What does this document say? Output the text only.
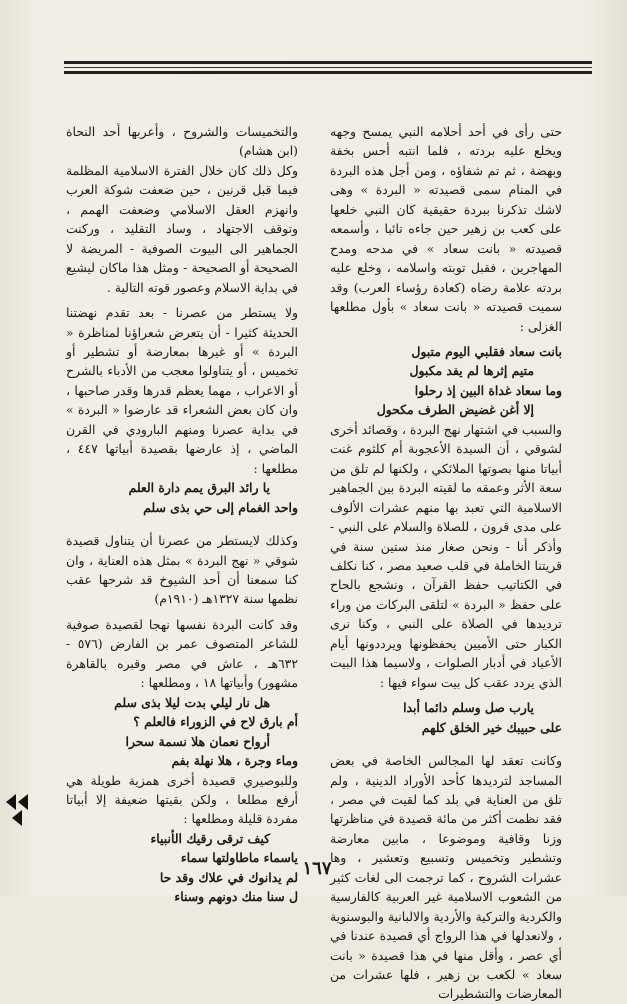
حتى رأى في أحد أحلامه النبي يمسح وجهه ويخلع عليه بردته ، فلما انتبه أحس بخفة وبهضة ، ثم تم شفاؤه ، ومن أجل هذه البردة في المنام سمى قصيدته « البردة » وهى لاشك تذكرنا ببردة حقيقية كان النبي خلعها على كعب بن زهير حين جاءه تائبا ، وأسمعه قصيدته « بانت سعاد » في مدحه ومدح المهاجرين ، فقبل توبته واسلامه ، وخلع عليه بردته علامة رضاه (كعادة رؤساء العرب) وقد سميت قصيدته « بانت سعاد » بأول مطلعها الغزلى :

بانت سعاد فقلبي اليوم متبول
متيم إثرها لم يفد مكبول
وما سعاد غداة البين إذ رحلوا
إلا أغن غضيض الطرف مكحول

والسبب في اشتهار نهج البردة ، وقصائد أخرى لشوقي ، أن السيدة الأعجوبة أم كلثوم غنت أبياتا منها بصوتها الملائكي ، ولكنها لم تلق من سعة الأثر وعمقه ما لقيته البردة بين الجماهير الاسلامية التي تعبد بها منهم عشرات الألوف على مدى قرون ، للصلاة والسلام على النبي - وأذكر أنا - ونحن صغار منذ ستين سنة في قريتنا الخاملة في قلب صعيد مصر ، كنا نكلف في الكتاتيب حفظ القرآن ، ونشجع بالحاح على حفظ « البردة » لتلقى البركات من وراء ترديدها في الصلاة على النبي ، وكنا نرى الكبار حتى الأميين يحفظونها ويرددونها أيام الأعياد في أدبار الصلوات ، ولاسيما هذا البيت الذي يردد عقب كل بيت سواء فيها :

يارب صل وسلم دائما أبدا
على حبيبك خير الخلق كلهم

وكانت تعقد لها المجالس الخاصة في بعض المساجد لترديدها كأحد الأوراد الدينية ، ولم تلق من العناية في بلد كما لقيت في مصر ، فقد نظمت أكثر من مائة قصيدة في مناظرتها وزنا وقافية وموضوعا ، مابين معارضة وتشطير وتخميس وتسبيع وتعشير ، وها عشرات الشروح ، كما ترجمت الى لغات كثير من الشعوب الاسلامية غير العربية كالفارسية والكردية والتركية والأردية والالبانية والبوسنوية ، ولانعدلها في هذا الرواج أي قصيدة عندنا في أي عصر ، وأقل منها في هذا قصيدة « بانت سعاد » لكعب بن زهير ، فلها عشرات من المعارضات والتشطيرات

والتخميسات والشروح ، وأعربها أحد النحاة (ابن هشام)

وكل ذلك كان خلال الفترة الاسلامية المظلمة فيما قبل قرنين ، حين ضعفت شوكة العرب وانهزم العقل الاسلامي وضعفت الهمم ، وتوقف الاجتهاد ، وساد التقليد ، وركنت الجماهير الى البيوت الصوفية - المريضة لا الصحيحة أو الصحيحة - ومثل هذا ماكان ليشيع في بداية الاسلام وعصور قوته التالية .

ولا يستطر من عصرنا - بعد تقدم نهضتنا الحديثة كثيرا - أن يتعرض شعراؤنا لمناظرة « البردة » أو غيرها بمعارضة أو تشطير أو تخميس ، أو يتناولوا معجب من الأدباء بالشرح أو الاعراب ، مهما يعظم قدرها وقدر صاحبها ، وان كان بعض الشعراء قد عارضوا « البردة » في بداية عصرنا ومنهم البارودي في القرن الماضي ، إذ عارضها بقصيدة أبياتها ٤٤٧ ، مطلعها :

يا رائد البرق يمم دارة العلم
واحد الغمام إلى حي بذى سلم

وكذلك لايستطر من عصرنا أن يتناول قصيدة شوقي « نهج البردة » بمثل هذه العناية ، وان كنا سمعنا أن أحد الشيوخ قد شرحها عقب نظمها سنة ١٣٢٧هـ (١٩١٠م)

وقد كانت البردة نفسها نهجا لقصيدة صوفية للشاعر المتصوف عمر بن الفارض (٥٧٦ - ٦٣٢هـ ، عاش في مصر وقبره بالقاهرة مشهور) وأبياتها ١٨ ، ومطلعها :

هل نار ليلي بدت ليلا بذى سلم
أم بارق لاح في الزوراء فالعلم ؟
أرواح نعمان هلا نسمة سحرا
وماء وجرة ، هلا نهلة بفم

وللبوصيري قصيدة أخرى همزية طويلة هي أرفع مطلعا ، ولكن بقيتها ضعيفة إلا أبياتا مفردة قليلة ومطلعها :

كيف ترقى رقيك الأنبياء
ياسماء ماطاولتها سماء
لم يدانوك في علاك وقد حا
ل سنا منك دونهم وسناء
١٦٧
